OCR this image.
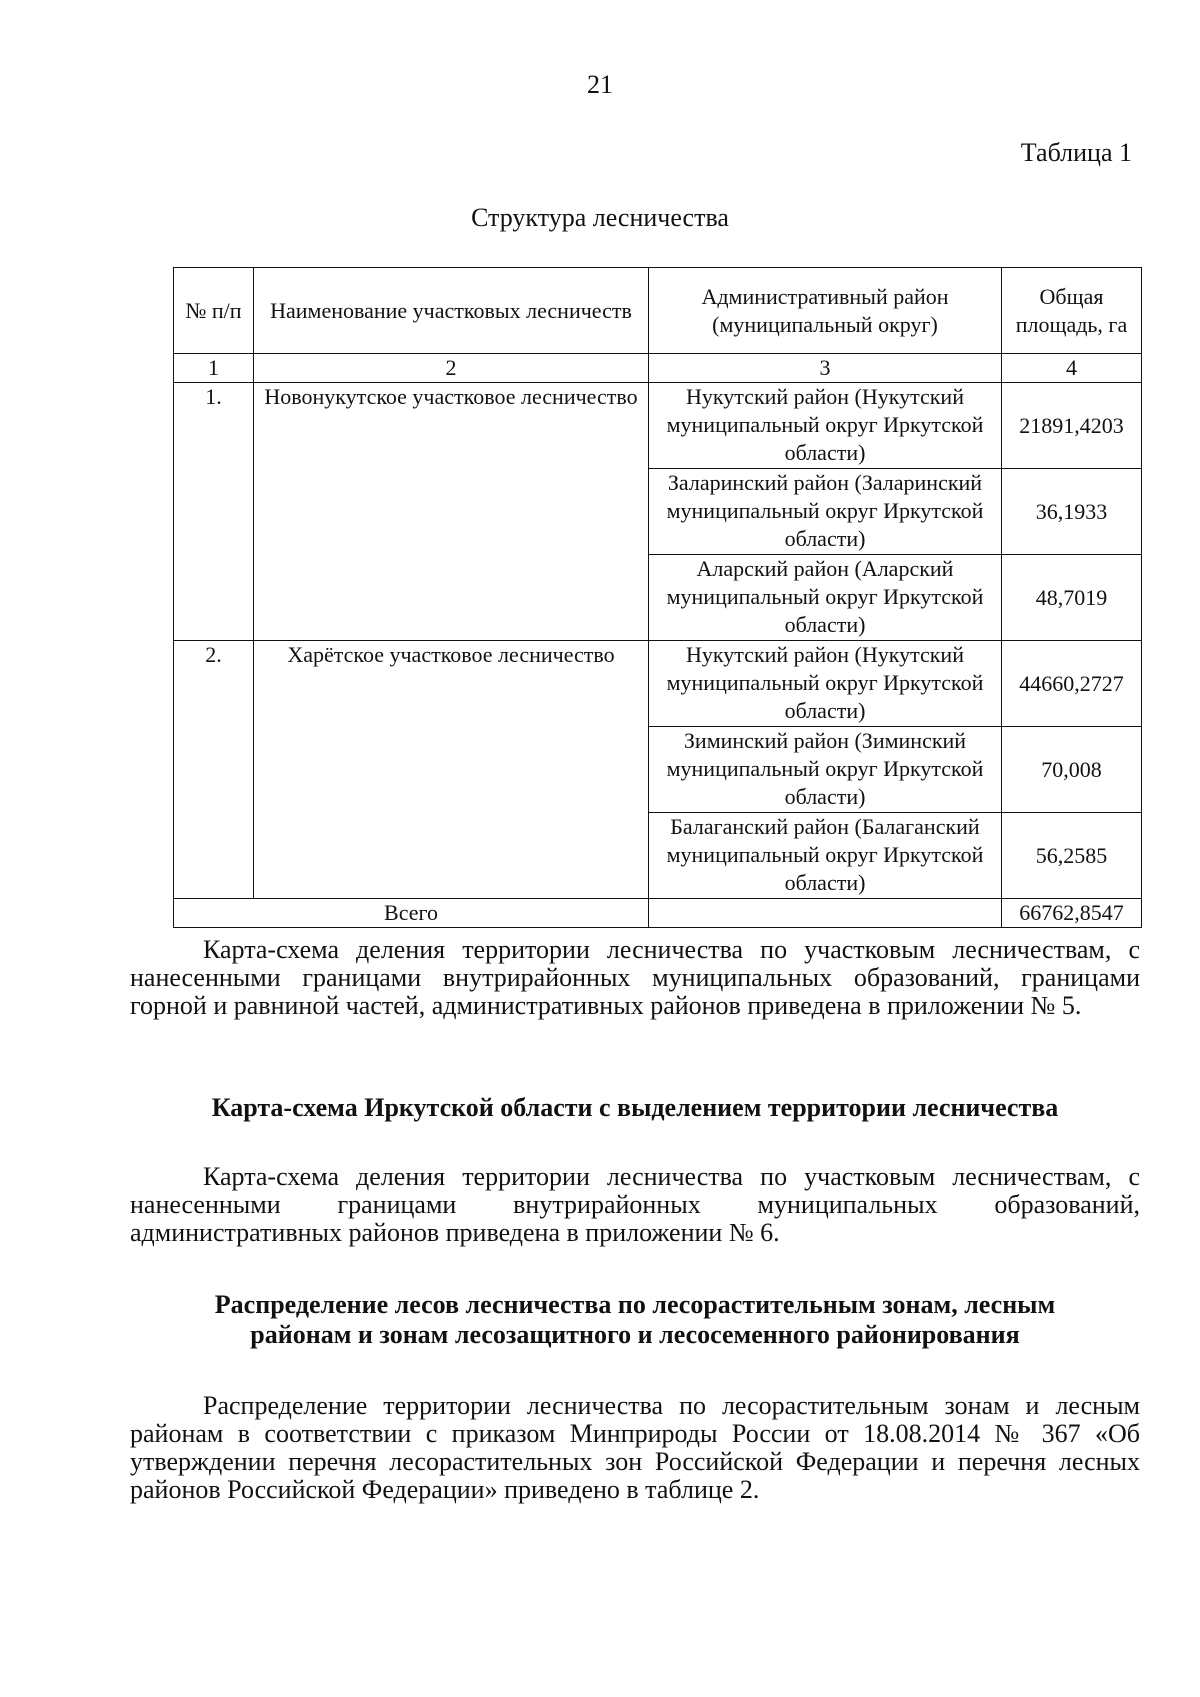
21
Таблица 1
Структура лесничества
№ п/п	Наименование участковых лесничеств	Административный район (муниципальный округ)	Общая площадь, га
1	2	3	4
1.	Новонукутское участковое лесничество	Нукутский район (Нукутский муниципальный округ Иркутской области)	21891,4203
		Заларинский район (Заларинский муниципальный округ Иркутской области)	36,1933
		Аларский район (Аларский муниципальный округ Иркутской области)	48,7019
2.	Харётское участковое лесничество	Нукутский район (Нукутский муниципальный округ Иркутской области)	44660,2727
		Зиминский район (Зиминский муниципальный округ Иркутской области)	70,008
		Балаганский район (Балаганский муниципальный округ Иркутской области)	56,2585
Всего			66762,8547
Карта-схема деления территории лесничества по участковым лесничествам, с нанесенными границами внутрирайонных муниципальных образований, границами горной и равниной частей, административных районов приведена в приложении № 5.
Карта-схема Иркутской области с выделением территории лесничества
Карта-схема деления территории лесничества по участковым лесничествам, с нанесенными границами внутрирайонных муниципальных образований, административных районов приведена в приложении № 6.
Распределение лесов лесничества по лесорастительным зонам, лесным
районам и зонам лесозащитного и лесосеменного районирования
Распределение территории лесничества по лесорастительным зонам и лесным районам в соответствии с приказом Минприроды России от 18.08.2014 № 367 «Об утверждении перечня лесорастительных зон Российской Федерации и перечня лесных районов Российской Федерации» приведено в таблице 2.
